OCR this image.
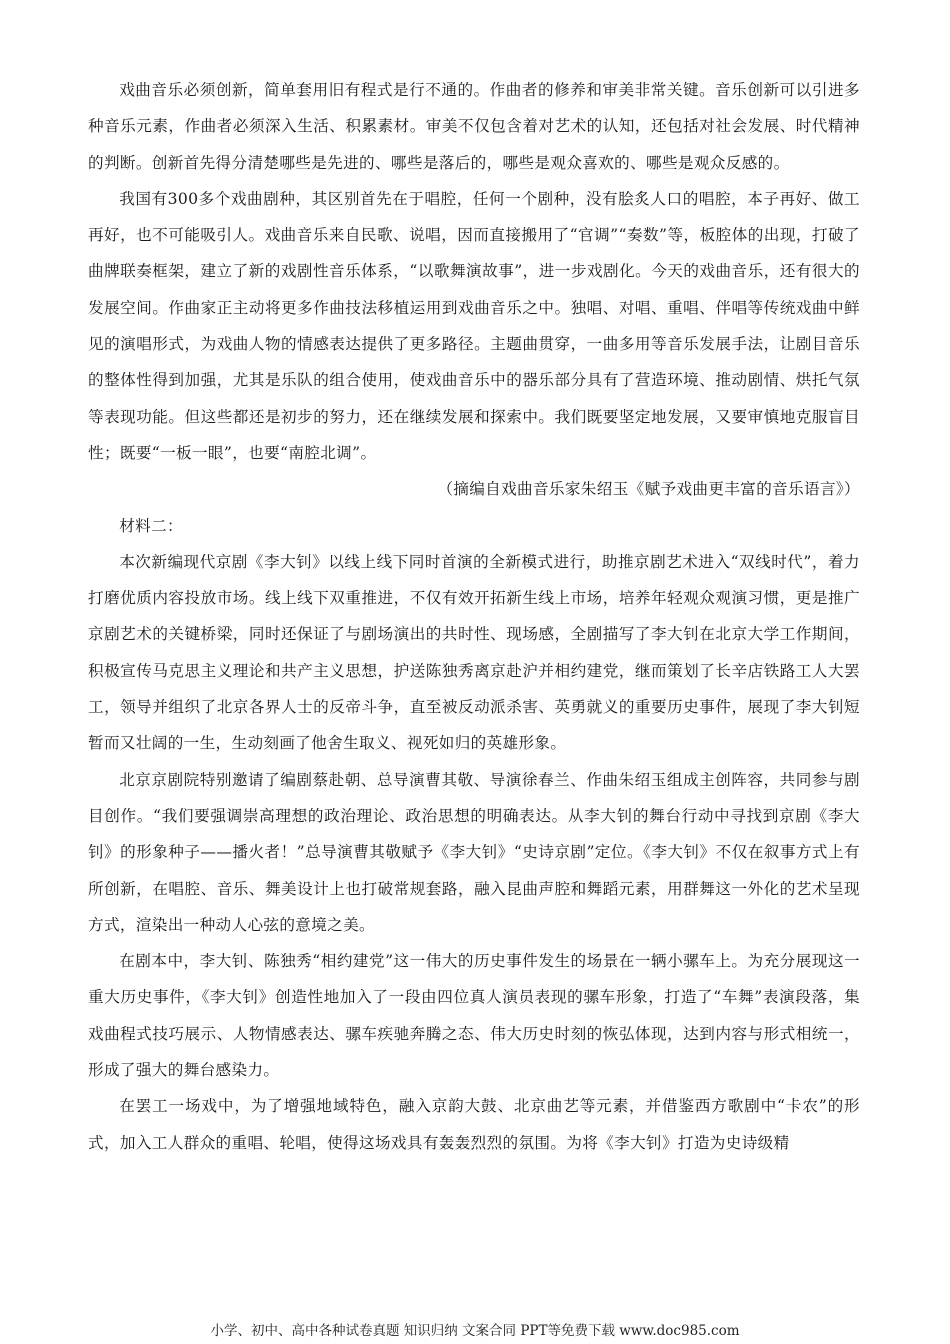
戏曲音乐必须创新，简单套用旧有程式是行不通的。作曲者的修养和审美非常关键。音乐创新可以引进多种音乐元素，作曲者必须深入生活、积累素材。审美不仅包含着对艺术的认知，还包括对社会发展、时代精神的判断。创新首先得分清楚哪些是先进的、哪些是落后的，哪些是观众喜欢的、哪些是观众反感的。

我国有300多个戏曲剧种，其区别首先在于唱腔，任何一个剧种，没有脍炙人口的唱腔，本子再好、做工再好，也不可能吸引人。戏曲音乐来自民歌、说唱，因而直接搬用了“官调”“奏数”等，板腔体的出现，打破了曲牌联奏框架，建立了新的戏剧性音乐体系，“以歌舞演故事”，进一步戏剧化。今天的戏曲音乐，还有很大的发展空间。作曲家正主动将更多作曲技法移植运用到戏曲音乐之中。独唱、对唱、重唱、伴唱等传统戏曲中鲜见的演唱形式，为戏曲人物的情感表达提供了更多路径。主题曲贯穿，一曲多用等音乐发展手法，让剧目音乐的整体性得到加强，尤其是乐队的组合使用，使戏曲音乐中的器乐部分具有了营造环境、推动剧情、烘托气氛等表现功能。但这些都还是初步的努力，还在继续发展和探索中。我们既要坚定地发展，又要审慎地克服盲目性；既要“一板一眼”，也要“南腔北调”。

（摘编自戏曲音乐家朱绍玉《赋予戏曲更丰富的音乐语言》）

材料二：

本次新编现代京剧《李大钊》以线上线下同时首演的全新模式进行，助推京剧艺术进入“双线时代”，着力打磨优质内容投放市场。线上线下双重推进，不仅有效开拓新生线上市场，培养年轻观众观演习惯，更是推广京剧艺术的关键桥梁，同时还保证了与剧场演出的共时性、现场感，全剧描写了李大钊在北京大学工作期间，积极宣传马克思主义理论和共产主义思想，护送陈独秀离京赴沪并相约建党，继而策划了长辛店铁路工人大罢工，领导并组织了北京各界人士的反帝斗争，直至被反动派杀害、英勇就义的重要历史事件，展现了李大钊短暂而又壮阔的一生，生动刻画了他舍生取义、视死如归的英雄形象。

北京京剧院特别邀请了编剧蔡赴朝、总导演曹其敬、导演徐春兰、作曲朱绍玉组成主创阵容，共同参与剧目创作。“我们要强调崇高理想的政治理论、政治思想的明确表达。从李大钊的舞台行动中寻找到京剧《李大钊》的形象种子——播火者！”总导演曹其敬赋予《李大钊》“史诗京剧”定位。《李大钊》不仅在叙事方式上有所创新，在唱腔、音乐、舞美设计上也打破常规套路，融入昆曲声腔和舞蹈元素，用群舞这一外化的艺术呈现方式，渲染出一种动人心弦的意境之美。

在剧本中，李大钊、陈独秀“相约建党”这一伟大的历史事件发生的场景在一辆小骡车上。为充分展现这一重大历史事件，《李大钊》创造性地加入了一段由四位真人演员表现的骡车形象，打造了“车舞”表演段落，集戏曲程式技巧展示、人物情感表达、骡车疾驰奔腾之态、伟大历史时刻的恢弘体现，达到内容与形式相统一，形成了强大的舞台感染力。

在罢工一场戏中，为了增强地域特色，融入京韵大鼓、北京曲艺等元素，并借鉴西方歌剧中“卡农”的形式，加入工人群众的重唱、轮唱，使得这场戏具有轰轰烈烈的氛围。为将《李大钊》打造为史诗级精

小学、初中、高中各种试卷真题 知识归纳 文案合同 PPT等免费下载 www.doc985.com
